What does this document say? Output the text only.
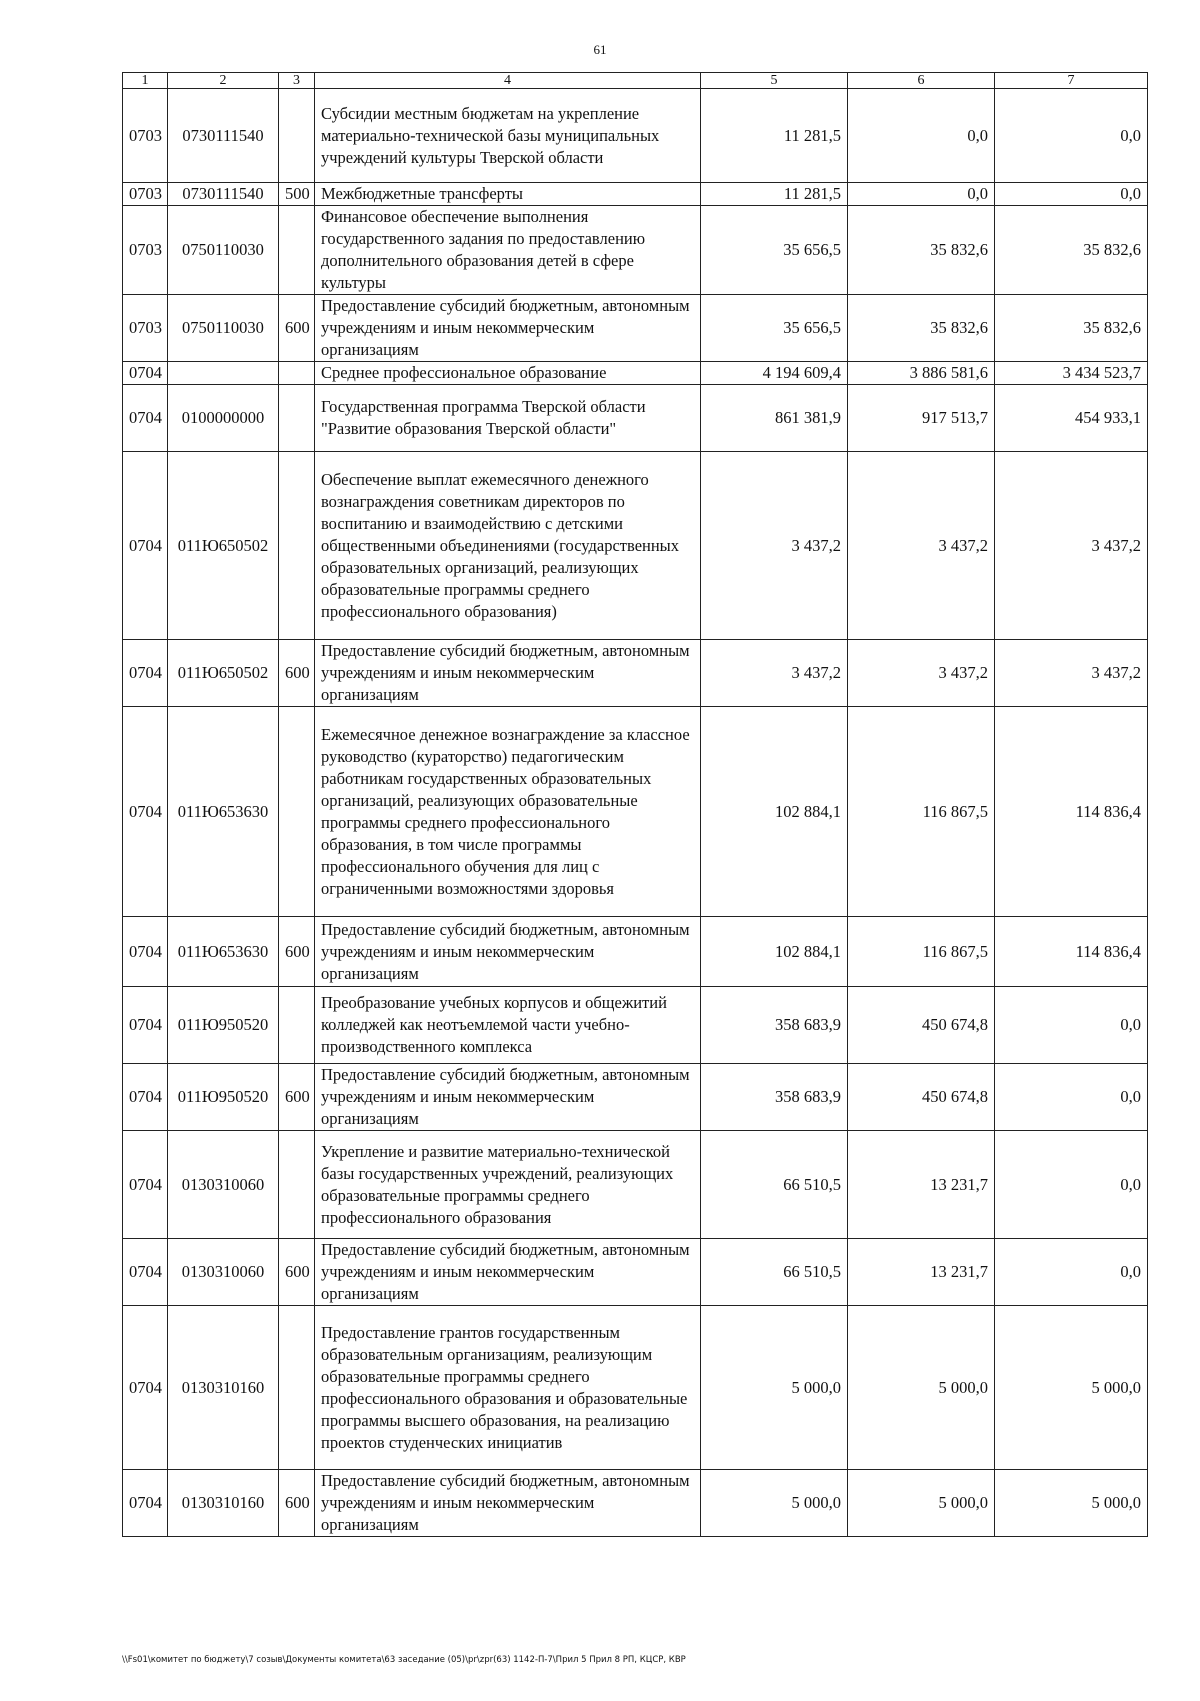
61
1	2	3	4	5	6	7
0703	0730111540		Субсидии местным бюджетам на укрепление материально-технической базы муниципальных учреждений культуры Тверской области	11 281,5	0,0	0,0
0703	0730111540	500	Межбюджетные трансферты	11 281,5	0,0	0,0
0703	0750110030		Финансовое обеспечение выполнения государственного задания по предоставлению дополнительного образования детей в сфере культуры	35 656,5	35 832,6	35 832,6
0703	0750110030	600	Предоставление субсидий бюджетным, автономным учреждениям и иным некоммерческим организациям	35 656,5	35 832,6	35 832,6
0704			Среднее профессиональное образование	4 194 609,4	3 886 581,6	3 434 523,7
0704	0100000000		Государственная программа Тверской области "Развитие образования Тверской области"	861 381,9	917 513,7	454 933,1
0704	011Ю650502		Обеспечение выплат ежемесячного денежного вознаграждения советникам директоров по воспитанию и взаимодействию с детскими общественными объединениями (государственных образовательных организаций, реализующих образовательные программы среднего профессионального образования)	3 437,2	3 437,2	3 437,2
0704	011Ю650502	600	Предоставление субсидий бюджетным, автономным учреждениям и иным некоммерческим организациям	3 437,2	3 437,2	3 437,2
0704	011Ю653630		Ежемесячное денежное вознаграждение за классное руководство (кураторство) педагогическим работникам государственных образовательных организаций, реализующих образовательные программы среднего профессионального образования, в том числе программы профессионального обучения для лиц с ограниченными возможностями здоровья	102 884,1	116 867,5	114 836,4
0704	011Ю653630	600	Предоставление субсидий бюджетным, автономным учреждениям и иным некоммерческим организациям	102 884,1	116 867,5	114 836,4
0704	011Ю950520		Преобразование учебных корпусов и общежитий колледжей как неотъемлемой части учебно-производственного комплекса	358 683,9	450 674,8	0,0
0704	011Ю950520	600	Предоставление субсидий бюджетным, автономным учреждениям и иным некоммерческим организациям	358 683,9	450 674,8	0,0
0704	0130310060		Укрепление и развитие материально-технической базы государственных учреждений, реализующих образовательные программы среднего профессионального образования	66 510,5	13 231,7	0,0
0704	0130310060	600	Предоставление субсидий бюджетным, автономным учреждениям и иным некоммерческим организациям	66 510,5	13 231,7	0,0
0704	0130310160		Предоставление грантов государственным образовательным организациям, реализующим образовательные программы среднего профессионального образования и образовательные программы высшего образования, на реализацию проектов студенческих инициатив	5 000,0	5 000,0	5 000,0
0704	0130310160	600	Предоставление субсидий бюджетным, автономным учреждениям и иным некоммерческим организациям	5 000,0	5 000,0	5 000,0
\\Fs01\комитет по бюджету\7 созыв\Документы комитета\63 заседание (05)\pr\zpr(63) 1142-П-7\Прил 5 Прил 8 РП, КЦСР, КВР
